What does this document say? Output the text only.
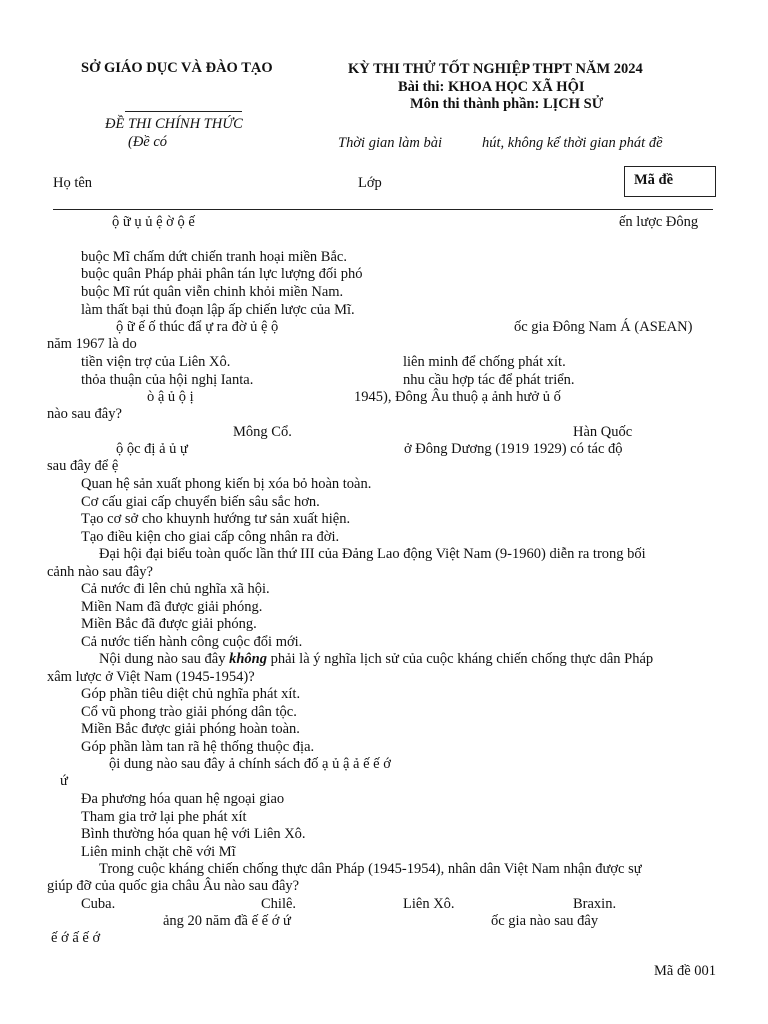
SỞ GIÁO DỤC VÀ ĐÀO TẠO	KỲ THI THỬ TỐT NGHIỆP THPT NĂM 2024
Bài thi: KHOA HỌC XÃ HỘI
Môn thi thành phần: LỊCH SỬ
ĐỀ THI CHÍNH THỨC
(Đề có	Thời gian làm bài	hút, không kể thời gian phát đề
Họ tên	Lớp	Mã đề
ộ ữ ụ ủ ệ ờ ộ ế	ến lược Đông
buộc Mĩ chấm dứt chiến tranh hoại miền Bắc.
buộc quân Pháp phải phân tán lực lượng đối phó
buộc Mĩ rút quân viễn chinh khỏi miền Nam.
làm thất bại thủ đoạn lập ấp chiến lược của Mĩ.
ộ ữ ế ố thúc đẩ ự ra đờ ủ ệ ộ	ốc gia Đông Nam Á (ASEAN)
năm 1967 là do
tiền viện trợ của Liên Xô.	liên minh để chống phát xít.
thỏa thuận của hội nghị Ianta.	nhu cầu hợp tác để phát triển.
ò ậ ủ ộ ị	1945), Đông Âu thuộ ạ ảnh hưở ủ ố
nào sau đây?
Mông Cổ.	Hàn Quốc
ộ ộc đị ả ủ ự	ở Đông Dương (1919 1929) có tác độ
sau đây để ệ
Quan hệ sản xuất phong kiến bị xóa bỏ hoàn toàn.
Cơ cấu giai cấp chuyển biến sâu sắc hơn.
Tạo cơ sở cho khuynh hướng tư sản xuất hiện.
Tạo điều kiện cho giai cấp công nhân ra đời.
Đại hội đại biểu toàn quốc lần thứ III của Đảng Lao động Việt Nam (9-1960) diễn ra trong bối
cảnh nào sau đây?
Cả nước đi lên chủ nghĩa xã hội.
Miền Nam đã được giải phóng.
Miền Bắc đã được giải phóng.
Cả nước tiến hành công cuộc đổi mới.
xâm lược ở Việt Nam (1945-1954)?
Góp phần tiêu diệt chủ nghĩa phát xít.
Cổ vũ phong trào giải phóng dân tộc.
Miền Bắc được giải phóng hoàn toàn.
Góp phần làm tan rã hệ thống thuộc địa.
ội dung nào sau đây ả chính sách đố ạ ủ ậ ả ế ế ớ
ứ
Đa phương hóa quan hệ ngoại giao
Tham gia trở lại phe phát xít
Bình thường hóa quan hệ với Liên Xô.
Liên minh chặt chẽ với Mĩ
Trong cuộc kháng chiến chống thực dân Pháp (1945-1954), nhân dân Việt Nam nhận được sự
giúp đỡ của quốc gia châu Âu nào sau đây?
Cuba.	Chilê.	Liên Xô.	Braxin.
ảng 20 năm đầ ế ế ớ ứ	ốc gia nào sau đây
ế ớ ấ ế ớ
Nội dung nào sau đây không phải là ý nghĩa lịch sử của cuộc kháng chiến chống thực dân Pháp
Mã đề 001
